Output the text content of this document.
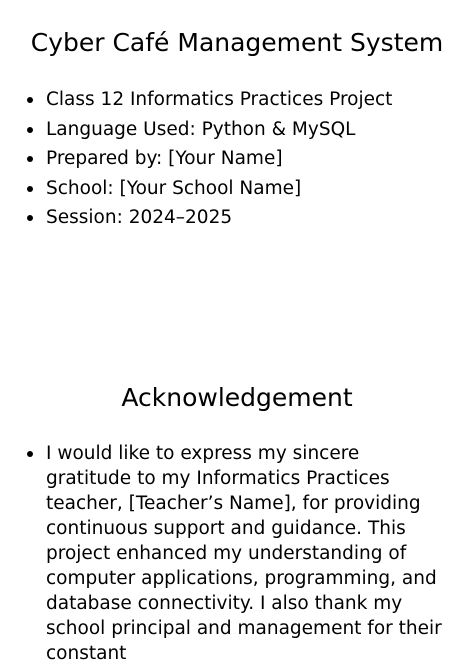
Cyber Café Management System
Class 12 Informatics Practices Project
Language Used: Python & MySQL
Prepared by: [Your Name]
School: [Your School Name]
Session: 2024–2025
Acknowledgement
I would like to express my sincere gratitude to my Informatics Practices teacher, [Teacher’s Name], for providing continuous support and guidance. This project enhanced my understanding of computer applications, programming, and database connectivity. I also thank my school principal and management for their constant
